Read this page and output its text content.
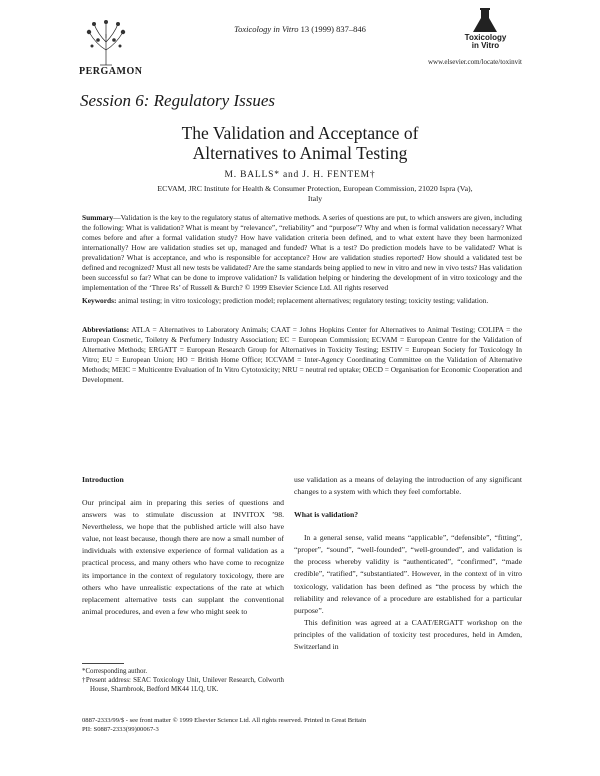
PERGAMON
Toxicology in Vitro 13 (1999) 837–846
Toxicology
in Vitro
www.elsevier.com/locate/toxinvit
Session 6: Regulatory Issues
The Validation and Acceptance of
Alternatives to Animal Testing
M. BALLS* and J. H. FENTEM†
ECVAM, JRC Institute for Health & Consumer Protection, European Commission, 21020 Ispra (Va), Italy
Summary—Validation is the key to the regulatory status of alternative methods. A series of questions are put, to which answers are given, including the following: What is validation? What is meant by “relevance”, “reliability” and “purpose”? Why and when is formal validation necessary? What comes before and after a formal validation study? How have validation criteria been defined, and to what extent have they been harmonized internationally? How are validation studies set up, managed and funded? What is a test? Do prediction models have to be validated? What is prevalidation? What is acceptance, and who is responsible for acceptance? How are validation studies reported? How should a validated test be defined and recognized? Must all new tests be validated? Are the same standards being applied to new in vitro and new in vivo tests? Has validation been successful so far? What can be done to improve validation? Is validation helping or hindering the development of in vitro toxicology and the implementation of the ‘Three Rs’ of Russell & Burch? © 1999 Elsevier Science Ltd. All rights reserved
Keywords: animal testing; in vitro toxicology; prediction model; replacement alternatives; regulatory testing; toxicity testing; validation.
Abbreviations: ATLA = Alternatives to Laboratory Animals; CAAT = Johns Hopkins Center for Alternatives to Animal Testing; COLIPA = the European Cosmetic, Toiletry & Perfumery Industry Association; EC = European Commission; ECVAM = European Centre for the Validation of Alternative Methods; ERGATT = European Research Group for Alternatives in Toxicity Testing; ESTIV = European Society for Toxicology In Vitro; EU = European Union; HO = British Home Office; ICCVAM = Inter-Agency Coordinating Committee on the Validation of Alternative Methods; MEIC = Multicentre Evaluation of In Vitro Cytotoxicity; NRU = neutral red uptake; OECD = Organisation for Economic Cooperation and Development.
Introduction

Our principal aim in preparing this series of questions and answers was to stimulate discussion at INVITOX ’98. Nevertheless, we hope that the published article will also have value, not least because, though there are now a small number of individuals with extensive experience of formal validation as a practical process, and many others who have come to recognize its importance in the context of regulatory toxicology, there are others who have unrealistic expectations of the rate at which replacement alternative tests can supplant the conventional animal procedures, and even a few who might seek to

use validation as a means of delaying the introduction of any significant changes to a system with which they feel comfortable.

What is validation?

In a general sense, valid means “applicable”, “defensible”, “fitting”, “proper”, “sound”, “well-founded”, “well-grounded”, and validation is the process whereby validity is “authenticated”, “confirmed”, “made credible”, “ratified”, “substantiated”. However, in the context of in vitro toxicology, validation has been defined as “the process by which the reliability and relevance of a procedure are established for a particular purpose”.

This definition was agreed at a CAAT/ERGATT workshop on the principles of the validation of toxicity test procedures, held in Amden, Switzerland in

*Corresponding author.
†Present address: SEAC Toxicology Unit, Unilever Research, Colworth House, Sharnbrook, Bedford MK44 1LQ, UK.
0887-2333/99/$ - see front matter © 1999 Elsevier Science Ltd. All rights reserved. Printed in Great Britain
PII: S0887-2333(99)00067-3
